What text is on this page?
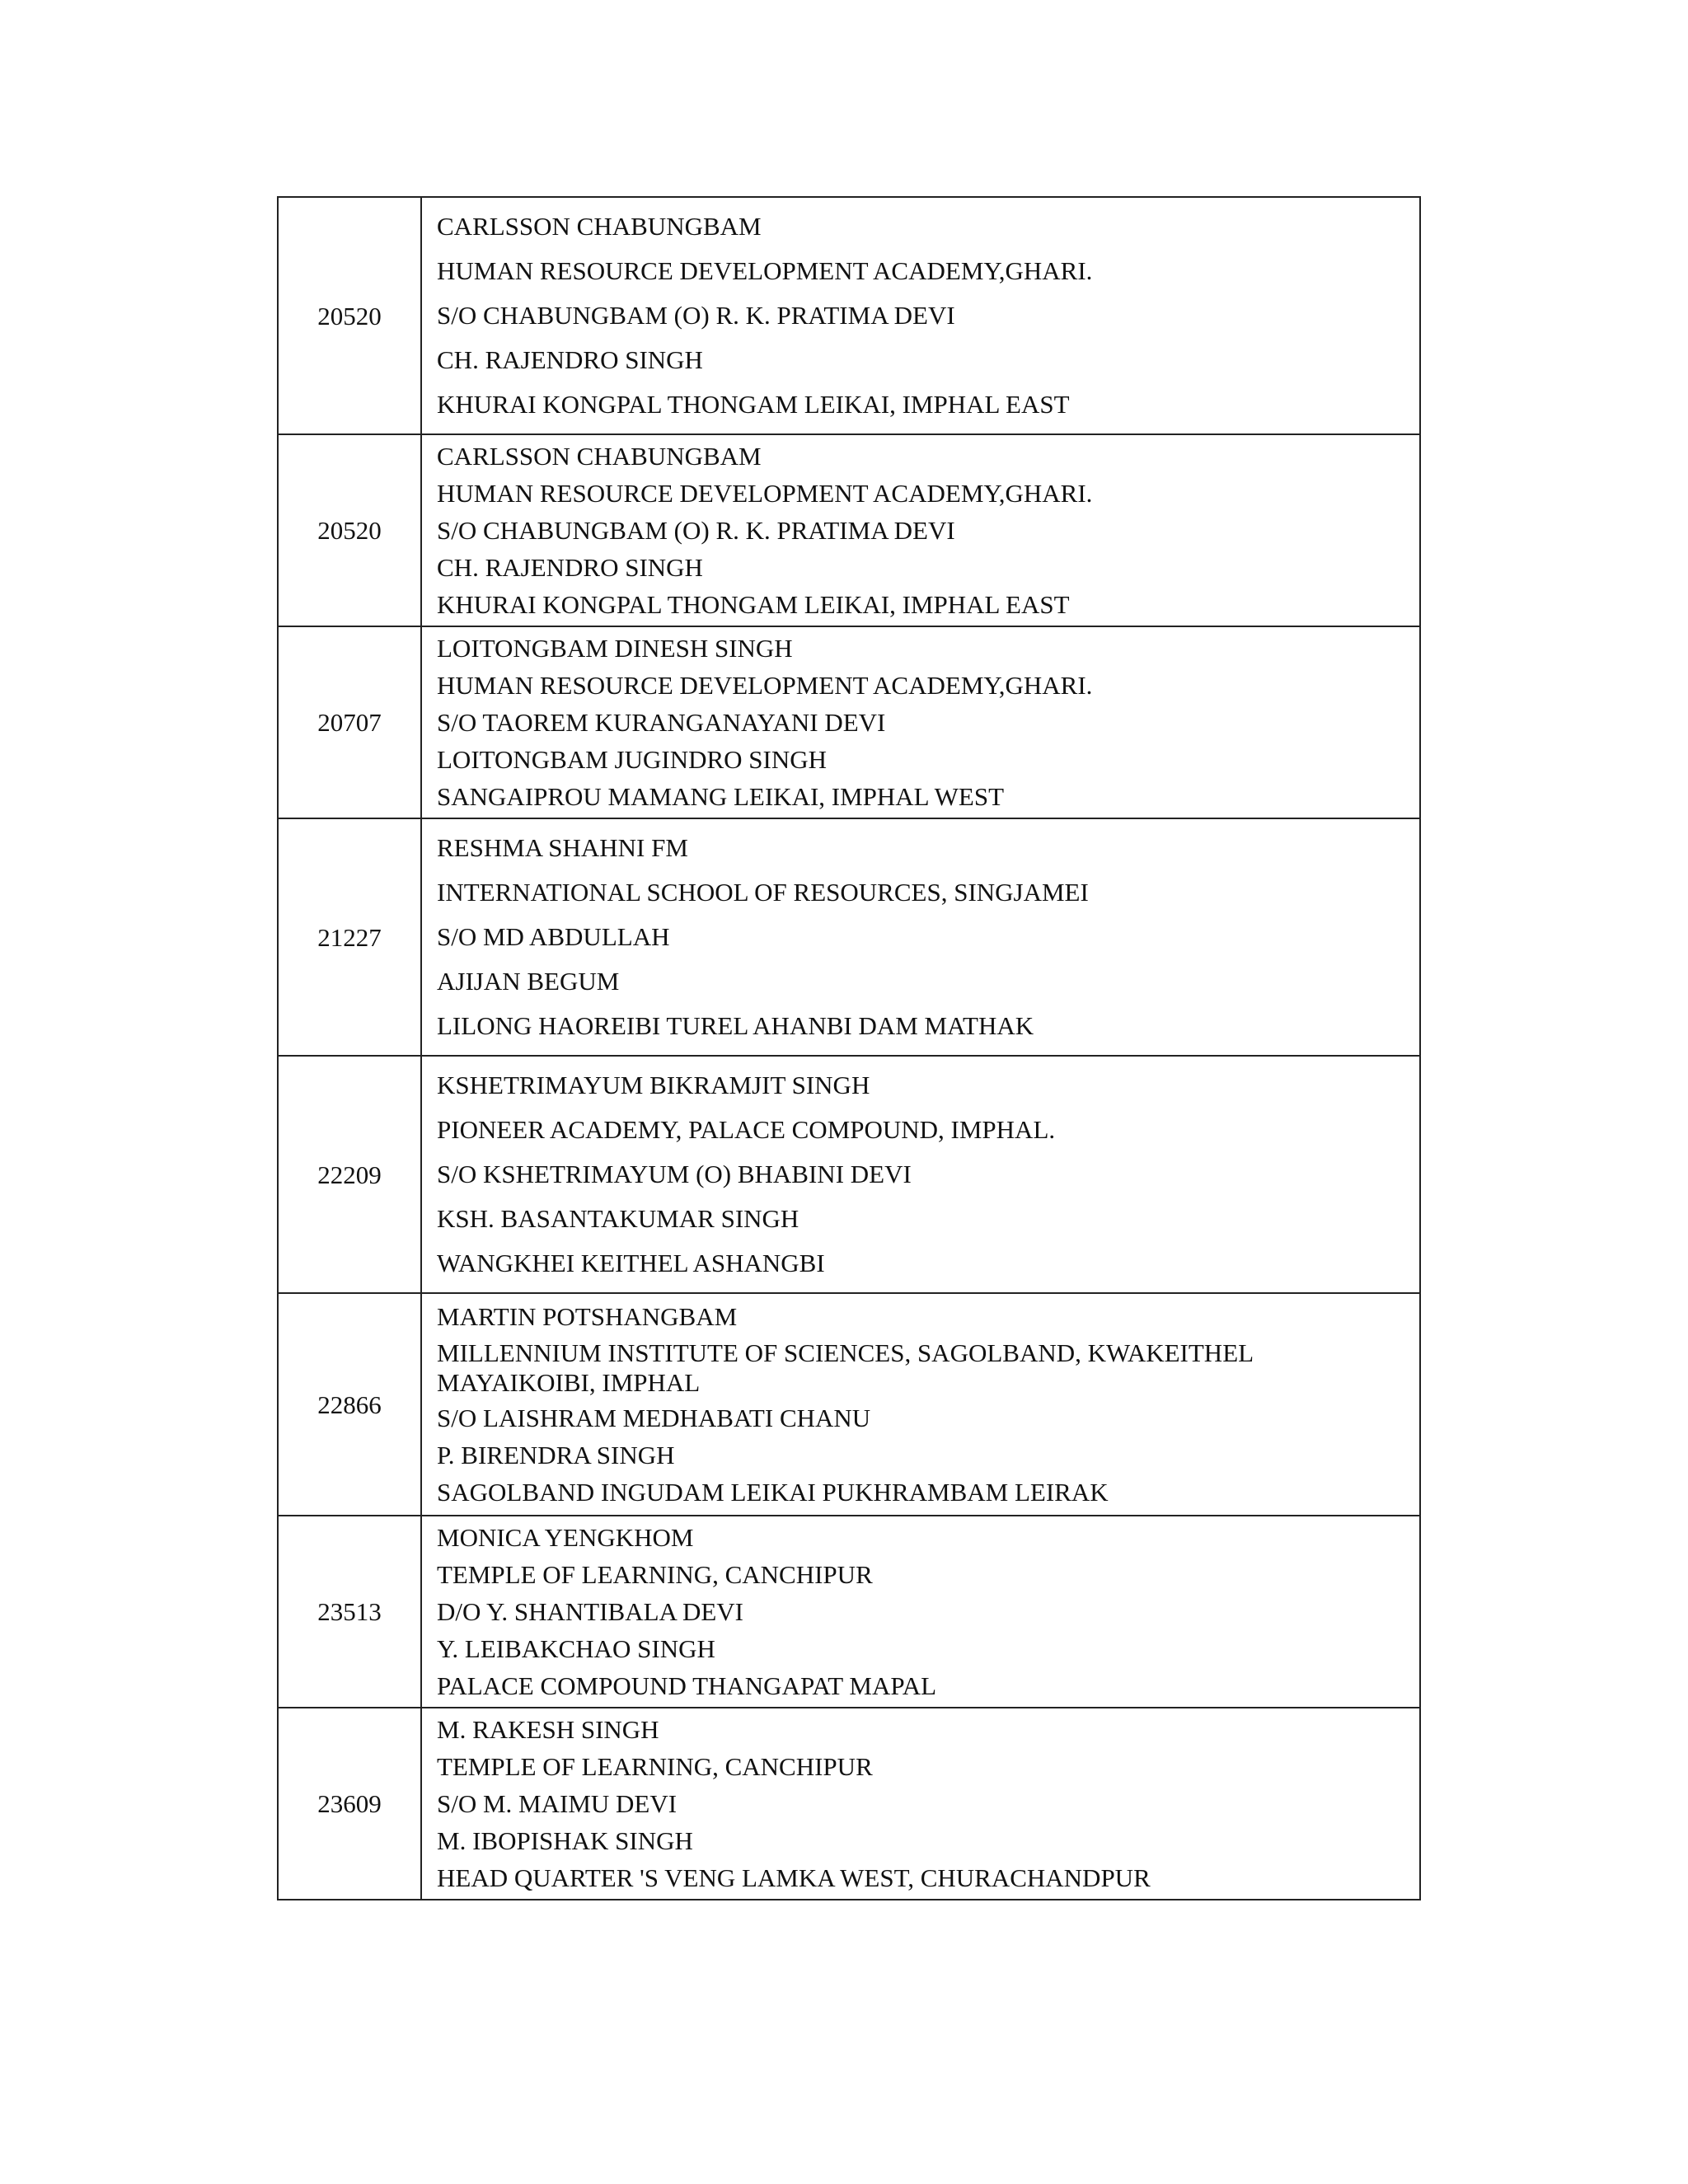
20520	CARLSSON CHABUNGBAM
HUMAN RESOURCE DEVELOPMENT ACADEMY,GHARI.
S/O CHABUNGBAM (O) R. K. PRATIMA DEVI
CH. RAJENDRO SINGH
KHURAI KONGPAL THONGAM LEIKAI, IMPHAL EAST

20520	CARLSSON CHABUNGBAM
HUMAN RESOURCE DEVELOPMENT ACADEMY,GHARI.
S/O CHABUNGBAM (O) R. K. PRATIMA DEVI
CH. RAJENDRO SINGH
KHURAI KONGPAL THONGAM LEIKAI, IMPHAL EAST

20707	LOITONGBAM DINESH SINGH
HUMAN RESOURCE DEVELOPMENT ACADEMY,GHARI.
S/O TAOREM KURANGANAYANI DEVI
LOITONGBAM JUGINDRO SINGH
SANGAIPROU MAMANG LEIKAI, IMPHAL WEST

21227	RESHMA SHAHNI FM
INTERNATIONAL SCHOOL OF RESOURCES, SINGJAMEI
S/O MD ABDULLAH
AJIJAN BEGUM
LILONG HAOREIBI TUREL AHANBI DAM MATHAK

22209	KSHETRIMAYUM BIKRAMJIT SINGH
PIONEER ACADEMY, PALACE COMPOUND, IMPHAL.
S/O KSHETRIMAYUM (O) BHABINI DEVI
KSH. BASANTAKUMAR SINGH
WANGKHEI KEITHEL ASHANGBI

22866	MARTIN POTSHANGBAM
MILLENNIUM INSTITUTE OF SCIENCES, SAGOLBAND, KWAKEITHEL MAYAIKOIBI, IMPHAL
S/O LAISHRAM MEDHABATI CHANU
P. BIRENDRA SINGH
SAGOLBAND INGUDAM LEIKAI PUKHRAMBAM LEIRAK

23513	MONICA YENGKHOM
TEMPLE OF LEARNING, CANCHIPUR
D/O Y. SHANTIBALA DEVI
Y. LEIBAKCHAO SINGH
PALACE COMPOUND THANGAPAT MAPAL

23609	M. RAKESH SINGH
TEMPLE OF LEARNING, CANCHIPUR
S/O M. MAIMU DEVI
M. IBOPISHAK SINGH
HEAD QUARTER 'S VENG LAMKA WEST, CHURACHANDPUR
